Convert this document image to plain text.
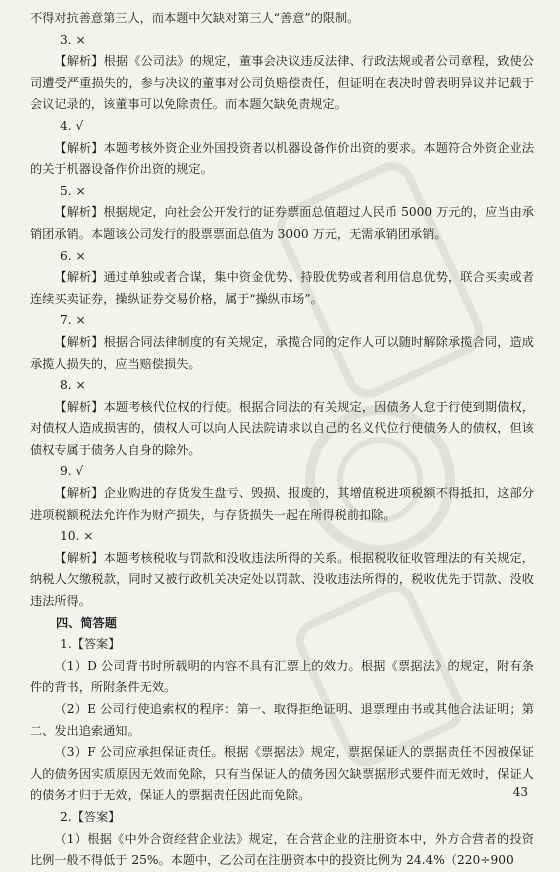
不得对抗善意第三人，而本题中欠缺对第三人“善意”的限制。

3. ×

【解析】根据《公司法》的规定，董事会决议违反法律、行政法规或者公司章程，致使公司遭受严重损失的，参与决议的董事对公司负赔偿责任，但证明在表决时曾表明异议并记载于会议记录的，该董事可以免除责任。而本题欠缺免责规定。

4. √

【解析】本题考核外资企业外国投资者以机器设备作价出资的要求。本题符合外资企业法的关于机器设备作价出资的规定。

5. ×

【解析】根据规定，向社会公开发行的证券票面总值超过人民币 5000 万元的，应当由承销团承销。本题该公司发行的股票票面总值为 3000 万元，无需承销团承销。

6. ×

【解析】通过单独或者合谋，集中资金优势、持股优势或者利用信息优势，联合买卖或者连续买卖证券，操纵证券交易价格，属于“操纵市场”。

7. ×

【解析】根据合同法律制度的有关规定，承揽合同的定作人可以随时解除承揽合同，造成承揽人损失的，应当赔偿损失。

8. ×

【解析】本题考核代位权的行使。根据合同法的有关规定，因债务人怠于行使到期债权，对债权人造成损害的，债权人可以向人民法院请求以自己的名义代位行使债务人的债权，但该债权专属于债务人自身的除外。

9. √

【解析】企业购进的存货发生盘亏、毁损、报废的，其增值税进项税额不得抵扣，这部分进项税额税法允许作为财产损失，与存货损失一起在所得税前扣除。

10. ×

【解析】本题考核税收与罚款和没收违法所得的关系。根据税收征收管理法的有关规定，纳税人欠缴税款，同时又被行政机关决定处以罚款、没收违法所得的，税收优先于罚款、没收违法所得。

四、简答题

1.【答案】

（1）D 公司背书时所载明的内容不具有汇票上的效力。根据《票据法》的规定，附有条件的背书，所附条件无效。

（2）E 公司行使追索权的程序：第一、取得拒绝证明、退票理由书或其他合法证明；第二、发出追索通知。

（3）F 公司应承担保证责任。根据《票据法》规定，票据保证人的票据责任不因被保证人的债务因实质原因无效而免除，只有当保证人的债务因欠缺票据形式要件而无效时，保证人的债务才归于无效，保证人的票据责任因此而免除。

2.【答案】

（1）根据《中外合资经营企业法》规定，在合营企业的注册资本中，外方合营者的投资比例一般不得低于 25%。本题中，乙公司在注册资本中的投资比例为 24.4%（220÷900

43
